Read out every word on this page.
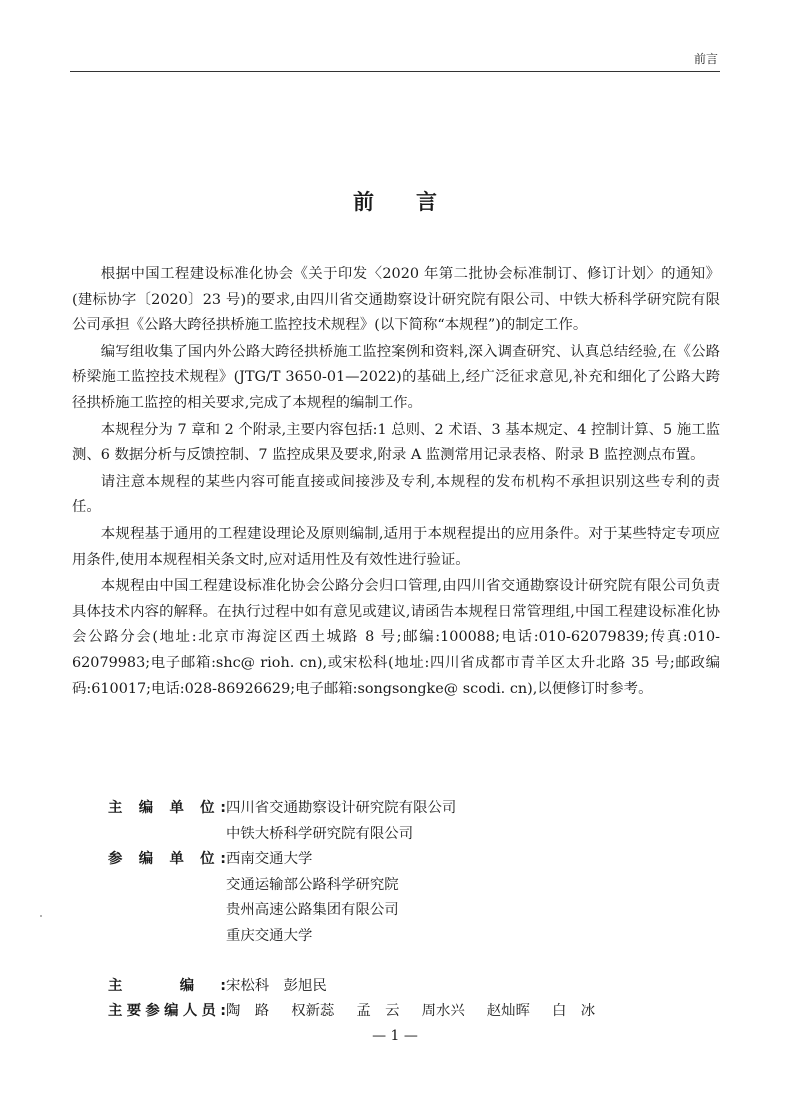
前言
前言

根据中国工程建设标准化协会《关于印发〈2020 年第二批协会标准制订、修订计划〉的通知》(建标协字〔2020〕23 号)的要求,由四川省交通勘察设计研究院有限公司、中铁大桥科学研究院有限公司承担《公路大跨径拱桥施工监控技术规程》(以下简称“本规程”)的制定工作。

编写组收集了国内外公路大跨径拱桥施工监控案例和资料,深入调查研究、认真总结经验,在《公路桥梁施工监控技术规程》(JTG/T 3650-01—2022)的基础上,经广泛征求意见,补充和细化了公路大跨径拱桥施工监控的相关要求,完成了本规程的编制工作。

本规程分为 7 章和 2 个附录,主要内容包括:1 总则、2 术语、3 基本规定、4 控制计算、5 施工监测、6 数据分析与反馈控制、7 监控成果及要求,附录 A 监测常用记录表格、附录 B 监控测点布置。

请注意本规程的某些内容可能直接或间接涉及专利,本规程的发布机构不承担识别这些专利的责任。

本规程基于通用的工程建设理论及原则编制,适用于本规程提出的应用条件。对于某些特定专项应用条件,使用本规程相关条文时,应对适用性及有效性进行验证。

本规程由中国工程建设标准化协会公路分会归口管理,由四川省交通勘察设计研究院有限公司负责具体技术内容的解释。在执行过程中如有意见或建议,请函告本规程日常管理组,中国工程建设标准化协会公路分会(地址:北京市海淀区西土城路 8 号;邮编:100088;电话:010-62079839;传真:010-62079983;电子邮箱:shc@ rioh. cn),或宋松科(地址:四川省成都市青羊区太升北路 35 号;邮政编码:610017;电话:028-86926629;电子邮箱:songsongke@ scodi. cn),以便修订时参考。

主 编 单 位: 四川省交通勘察设计研究院有限公司
中铁大桥科学研究院有限公司
参 编 单 位: 西南交通大学
交通运输部公路科学研究院
贵州高速公路集团有限公司
重庆交通大学
主 编: 宋松科　彭旭民
主要参编人员: 陶　路 权新蕊 孟　云 周水兴 赵灿晖 白　冰
— 1 —
